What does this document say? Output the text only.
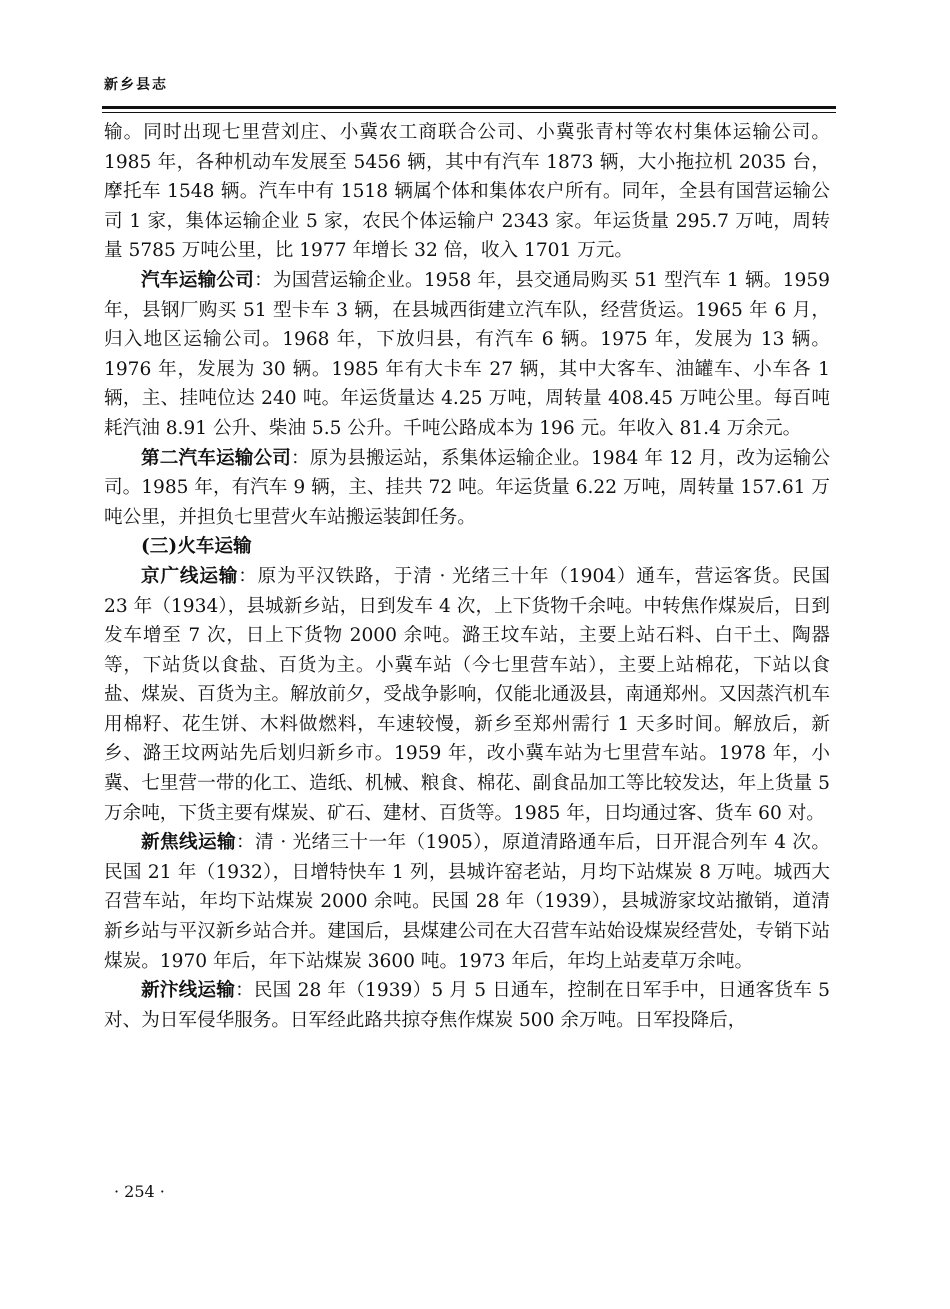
新乡县志

输。同时出现七里营刘庄、小冀农工商联合公司、小冀张青村等农村集体运输公司。1985 年，各种机动车发展至 5456 辆，其中有汽车 1873 辆，大小拖拉机 2035 台，摩托车 1548 辆。汽车中有 1518 辆属个体和集体农户所有。同年，全县有国营运输公司 1 家，集体运输企业 5 家，农民个体运输户 2343 家。年运货量 295.7 万吨，周转量 5785 万吨公里，比 1977 年增长 32 倍，收入 1701 万元。

汽车运输公司：为国营运输企业。1958 年，县交通局购买 51 型汽车 1 辆。1959 年，县钢厂购买 51 型卡车 3 辆，在县城西街建立汽车队，经营货运。1965 年 6 月，归入地区运输公司。1968 年，下放归县，有汽车 6 辆。1975 年，发展为 13 辆。1976 年，发展为 30 辆。1985 年有大卡车 27 辆，其中大客车、油罐车、小车各 1 辆，主、挂吨位达 240 吨。年运货量达 4.25 万吨，周转量 408.45 万吨公里。每百吨耗汽油 8.91 公升、柴油 5.5 公升。千吨公路成本为 196 元。年收入 81.4 万余元。

第二汽车运输公司：原为县搬运站，系集体运输企业。1984 年 12 月，改为运输公司。1985 年，有汽车 9 辆，主、挂共 72 吨。年运货量 6.22 万吨，周转量 157.61 万吨公里，并担负七里营火车站搬运装卸任务。

(三)火车运输

京广线运输：原为平汉铁路，于清 · 光绪三十年（1904）通车，营运客货。民国 23 年（1934），县城新乡站，日到发车 4 次，上下货物千余吨。中转焦作煤炭后，日到发车增至 7 次，日上下货物 2000 余吨。潞王坟车站，主要上站石料、白干土、陶器等，下站货以食盐、百货为主。小冀车站（今七里营车站），主要上站棉花，下站以食盐、煤炭、百货为主。解放前夕，受战争影响，仅能北通汲县，南通郑州。又因蒸汽机车用棉籽、花生饼、木料做燃料，车速较慢，新乡至郑州需行 1 天多时间。解放后，新乡、潞王坟两站先后划归新乡市。1959 年，改小冀车站为七里营车站。1978 年，小冀、七里营一带的化工、造纸、机械、粮食、棉花、副食品加工等比较发达，年上货量 5 万余吨，下货主要有煤炭、矿石、建材、百货等。1985 年，日均通过客、货车 60 对。

新焦线运输：清 · 光绪三十一年（1905），原道清路通车后，日开混合列车 4 次。民国 21 年（1932），日增特快车 1 列，县城许窑老站，月均下站煤炭 8 万吨。城西大召营车站，年均下站煤炭 2000 余吨。民国 28 年（1939），县城游家坟站撤销，道清新乡站与平汉新乡站合并。建国后，县煤建公司在大召营车站始设煤炭经营处，专销下站煤炭。1970 年后，年下站煤炭 3600 吨。1973 年后，年均上站麦草万余吨。

新汴线运输：民国 28 年（1939）5 月 5 日通车，控制在日军手中，日通客货车 5 对、为日军侵华服务。日军经此路共掠夺焦作煤炭 500 余万吨。日军投降后，

· 254 ·
